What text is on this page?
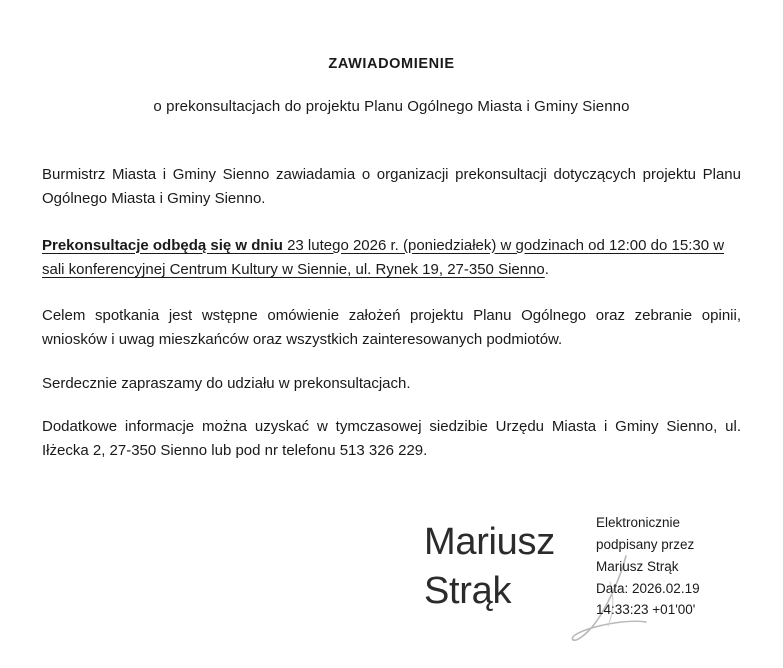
ZAWIADOMIENIE
o prekonsultacjach do projektu Planu Ogólnego Miasta i Gminy Sienno

Burmistrz Miasta i Gminy Sienno zawiadamia o organizacji prekonsultacji dotyczących projektu Planu Ogólnego Miasta i Gminy Sienno.

Prekonsultacje odbędą się w dniu 23 lutego 2026 r. (poniedziałek) w godzinach od 12:00 do 15:30 w sali konferencyjnej Centrum Kultury w Siennie, ul. Rynek 19, 27-350 Sienno.

Celem spotkania jest wstępne omówienie założeń projektu Planu Ogólnego oraz zebranie opinii, wniosków i uwag mieszkańców oraz wszystkich zainteresowanych podmiotów.

Serdecznie zapraszamy do udziału w prekonsultacjach.

Dodatkowe informacje można uzyskać w tymczasowej siedzibie Urzędu Miasta i Gminy Sienno, ul. Iłżecka 2, 27-350 Sienno lub pod nr telefonu 513 326 229.

Mariusz
Strąk
Elektronicznie
podpisany przez
Mariusz Strąk
Data: 2026.02.19
14:33:23 +01'00'
